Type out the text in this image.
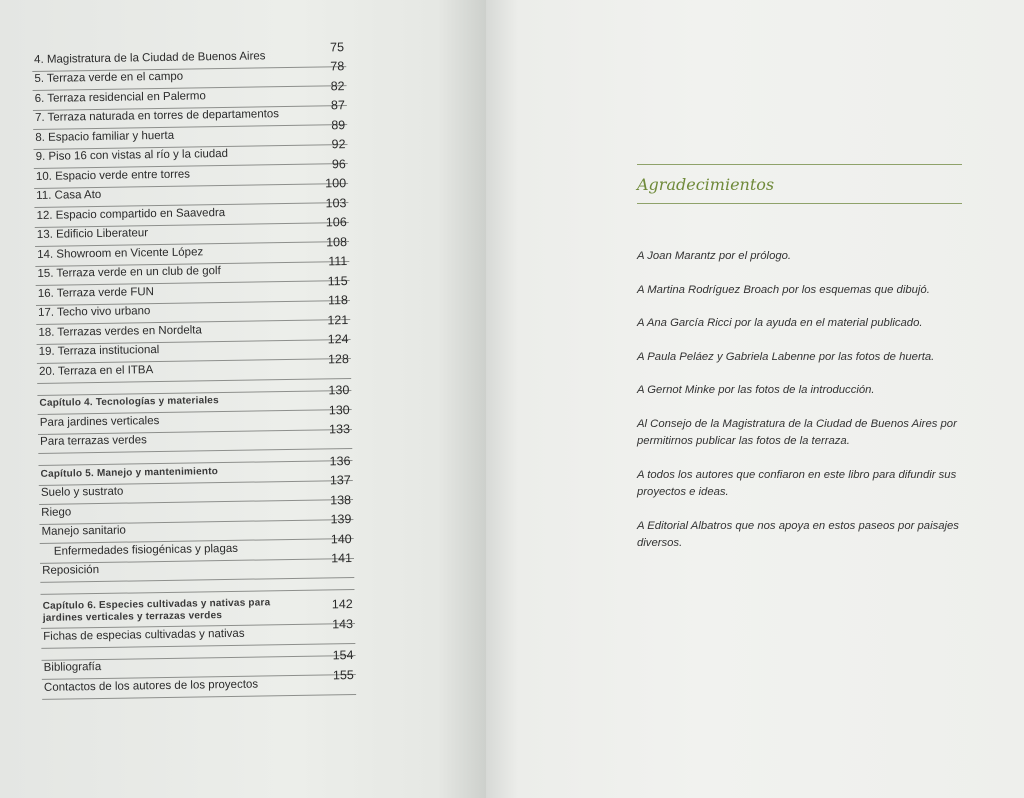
4. Magistratura de la Ciudad de Buenos Aires
75
5. Terraza verde en el campo
78
6. Terraza residencial en Palermo
82
7. Terraza naturada en torres de departamentos
87
8. Espacio familiar y huerta
89
9. Piso 16 con vistas al río y la ciudad
92
10. Espacio verde entre torres
96
11. Casa Ato
100
12. Espacio compartido en Saavedra
103
13. Edificio Liberateur
106
14. Showroom en Vicente López
108
15. Terraza verde en un club de golf
111
16. Terraza verde FUN
115
17. Techo vivo urbano
118
18. Terrazas verdes en Nordelta
121
19. Terraza institucional
124
20. Terraza en el ITBA
128
Capítulo 4. Tecnologías y materiales
130
Para jardines verticales
130
Para terrazas verdes
133
Capítulo 5. Manejo y mantenimiento
136
Suelo y sustrato
137
Riego
138
Manejo sanitario
139
Enfermedades fisiogénicas y plagas
140
Reposición
141
Capítulo 6. Especies cultivadas y nativas para jardines verticales y terrazas verdes
142
Fichas de especias cultivadas y nativas
143
Bibliografía
154
Contactos de los autores de los proyectos
155
Agradecimientos

A Joan Marantz por el prólogo.

A Martina Rodríguez Broach por los esquemas que dibujó.

A Ana García Ricci por la ayuda en el material publicado.

A Paula Peláez y Gabriela Labenne por las fotos de huerta.

A Gernot Minke por las fotos de la introducción.

Al Consejo de la Magistratura de la Ciudad de Buenos Aires por permitirnos publicar las fotos de la terraza.

A todos los autores que confiaron en este libro para difundir sus proyectos e ideas.

A Editorial Albatros que nos apoya en estos paseos por paisajes diversos.
